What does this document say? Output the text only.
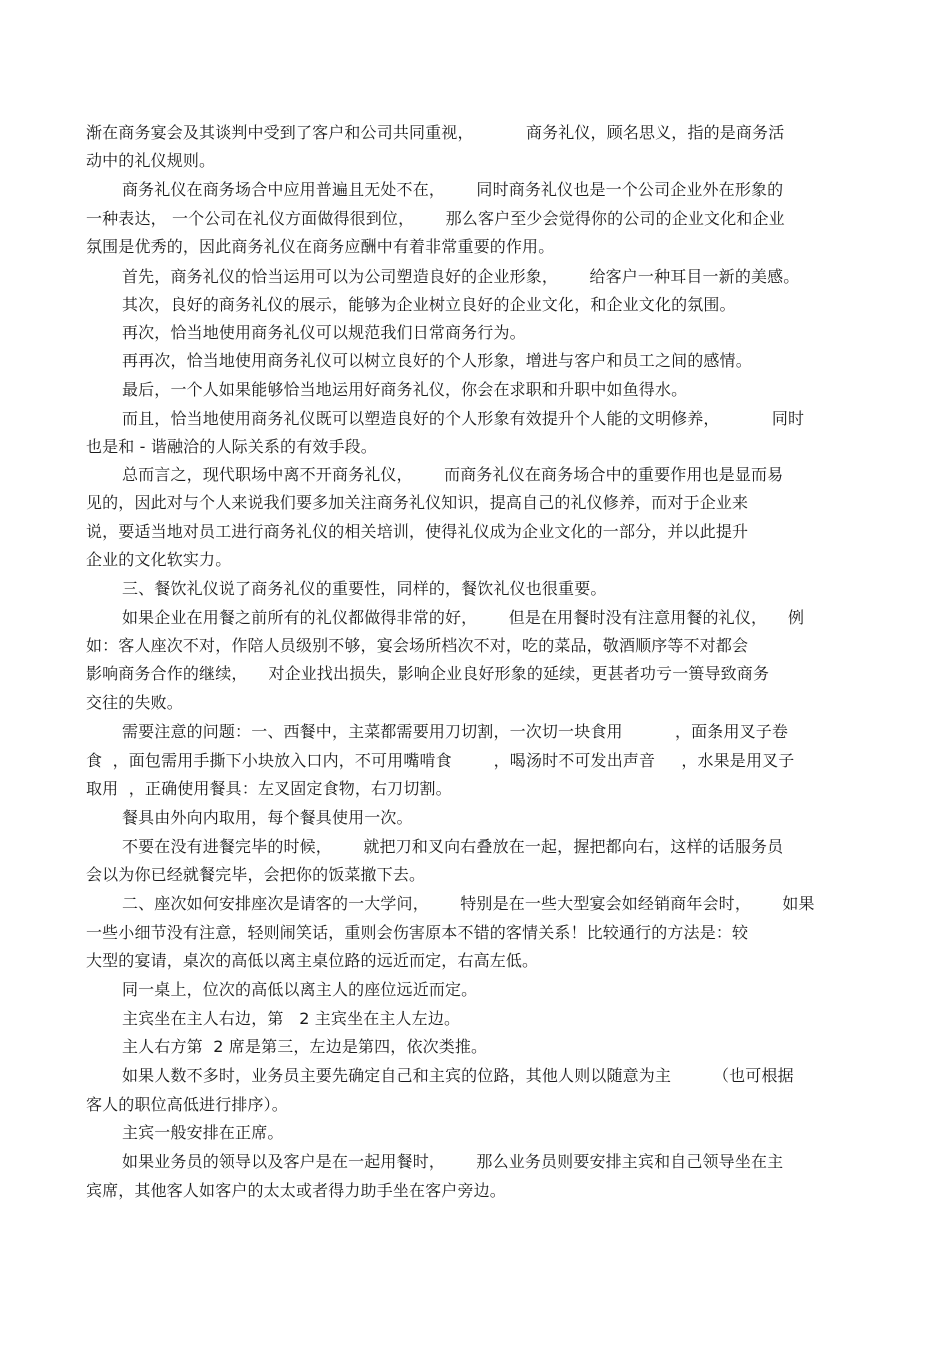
渐在商务宴会及其谈判中受到了客户和公司共同重视，          商务礼仪，顾名思义，指的是商务活
动中的礼仪规则。
商务礼仪在商务场合中应用普遍且无处不在，      同时商务礼仪也是一个公司企业外在形象的
一种表达， 一个公司在礼仪方面做得很到位，      那么客户至少会觉得你的公司的企业文化和企业
氛围是优秀的，因此商务礼仪在商务应酬中有着非常重要的作用。
首先，商务礼仪的恰当运用可以为公司塑造良好的企业形象，      给客户一种耳目一新的美感。
其次，良好的商务礼仪的展示，能够为企业树立良好的企业文化，和企业文化的氛围。
再次，恰当地使用商务礼仪可以规范我们日常商务行为。
再再次，恰当地使用商务礼仪可以树立良好的个人形象，增进与客户和员工之间的感情。
最后，一个人如果能够恰当地运用好商务礼仪，你会在求职和升职中如鱼得水。
而且，恰当地使用商务礼仪既可以塑造良好的个人形象有效提升个人能的文明修养，          同时
也是和 - 谐融洽的人际关系的有效手段。
总而言之，现代职场中离不开商务礼仪，      而商务礼仪在商务场合中的重要作用也是显而易
见的，因此对与个人来说我们要多加关注商务礼仪知识，提高自己的礼仪修养，而对于企业来
说，要适当地对员工进行商务礼仪的相关培训，使得礼仪成为企业文化的一部分，并以此提升
企业的文化软实力。
三、餐饮礼仪说了商务礼仪的重要性，同样的，餐饮礼仪也很重要。
如果企业在用餐之前所有的礼仪都做得非常的好，      但是在用餐时没有注意用餐的礼仪，    例
如：客人座次不对，作陪人员级别不够，宴会场所档次不对，吃的菜品，敬酒顺序等不对都会
影响商务合作的继续，    对企业找出损失，影响企业良好形象的延续，更甚者功亏一篑导致商务
交往的失败。
需要注意的问题：一、西餐中，主菜都需要用刀切割，一次切一块食用          ，面条用叉子卷
食  ，面包需用手撕下小块放入口内，不可用嘴啃食        ，喝汤时不可发出声音     ，水果是用叉子
取用  ，正确使用餐具：左叉固定食物，右刀切割。
餐具由外向内取用，每个餐具使用一次。
不要在没有进餐完毕的时候，      就把刀和叉向右叠放在一起，握把都向右，这样的话服务员
会以为你已经就餐完毕，会把你的饭菜撤下去。
二、座次如何安排座次是请客的一大学问，      特别是在一些大型宴会如经销商年会时，      如果
一些小细节没有注意，轻则闹笑话，重则会伤害原本不错的客情关系！比较通行的方法是：较
大型的宴请，桌次的高低以离主桌位路的远近而定，右高左低。
同一桌上，位次的高低以离主人的座位远近而定。
主宾坐在主人右边，第   2 主宾坐在主人左边。
主人右方第  2 席是第三，左边是第四，依次类推。
如果人数不多时，业务员主要先确定自己和主宾的位路，其他人则以随意为主        （也可根据
客人的职位高低进行排序）。
主宾一般安排在正席。
如果业务员的领导以及客户是在一起用餐时，      那么业务员则要安排主宾和自己领导坐在主
宾席，其他客人如客户的太太或者得力助手坐在客户旁边。
